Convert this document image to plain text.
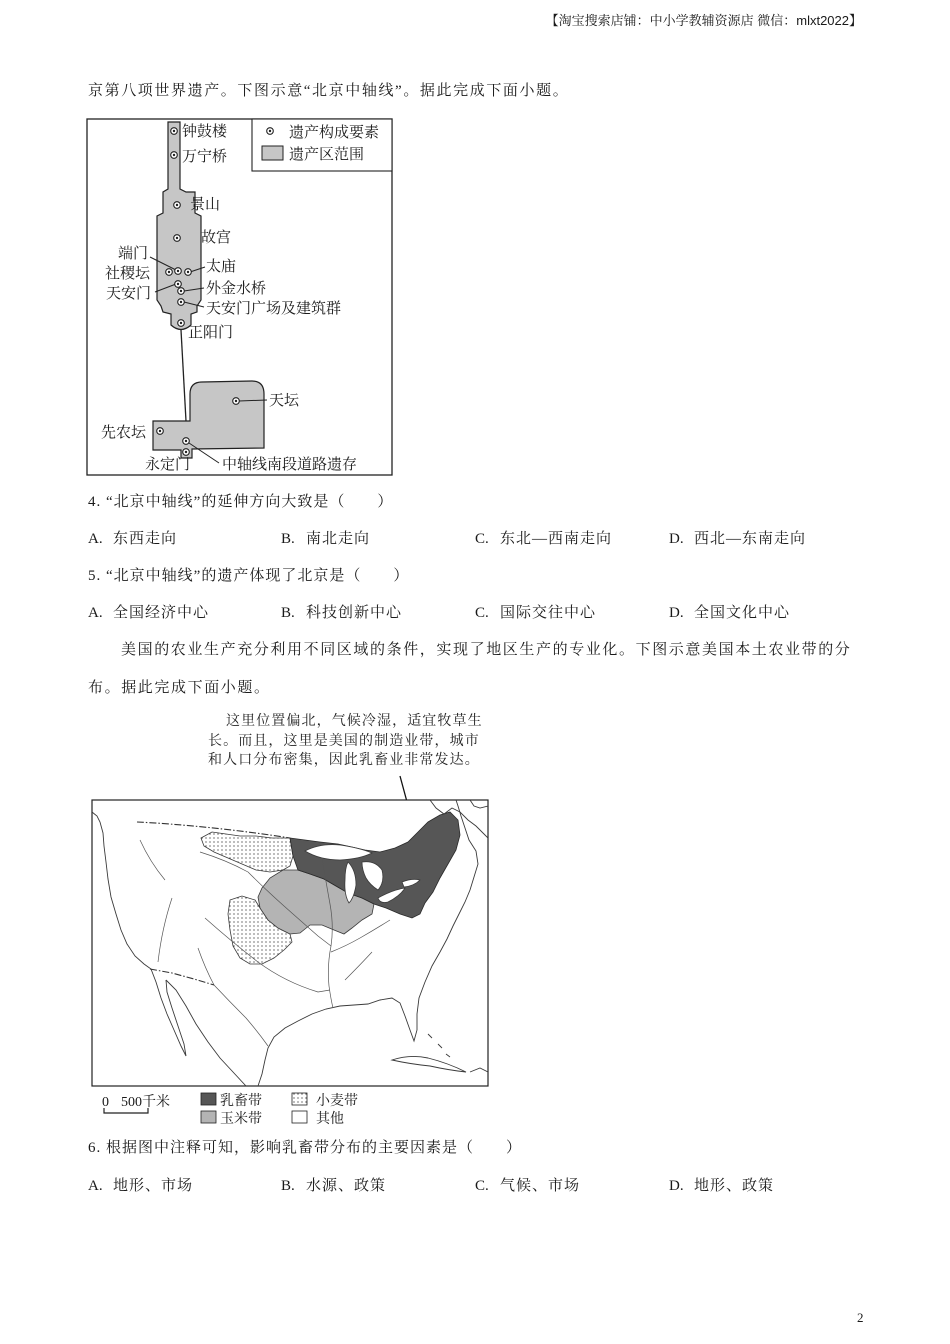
【淘宝搜索店铺：中小学教辅资源店 微信：mlxt2022】
京第八项世界遗产。下图示意“北京中轴线”。据此完成下面小题。
钟鼓楼
万宁桥
景山
故宫
端门
社稷坛	太庙
天安门	外金水桥
天安门广场及建筑群
正阳门
天坛
先农坛
永定门 中轴线南段道路遗存
遗产构成要素
遗产区范围
4. “北京中轴线”的延伸方向大致是（　　）
A. 东西走向	B. 南北走向	C. 东北—西南走向	D. 西北—东南走向
5. “北京中轴线”的遗产体现了北京是（　　）
A. 全国经济中心	B. 科技创新中心	C. 国际交往中心	D. 全国文化中心
美国的农业生产充分利用不同区域的条件，实现了地区生产的专业化。下图示意美国本土农业带的分
布。据此完成下面小题。
这里位置偏北，气候冷湿，适宜牧草生
长。而且，这里是美国的制造业带，城市
和人口分布密集，因此乳畜业非常发达。
0 500千米	乳畜带	小麦带
玉米带	其他
6. 根据图中注释可知，影响乳畜带分布的主要因素是（　　）
A. 地形、市场	B. 水源、政策	C. 气候、市场	D. 地形、政策
2
